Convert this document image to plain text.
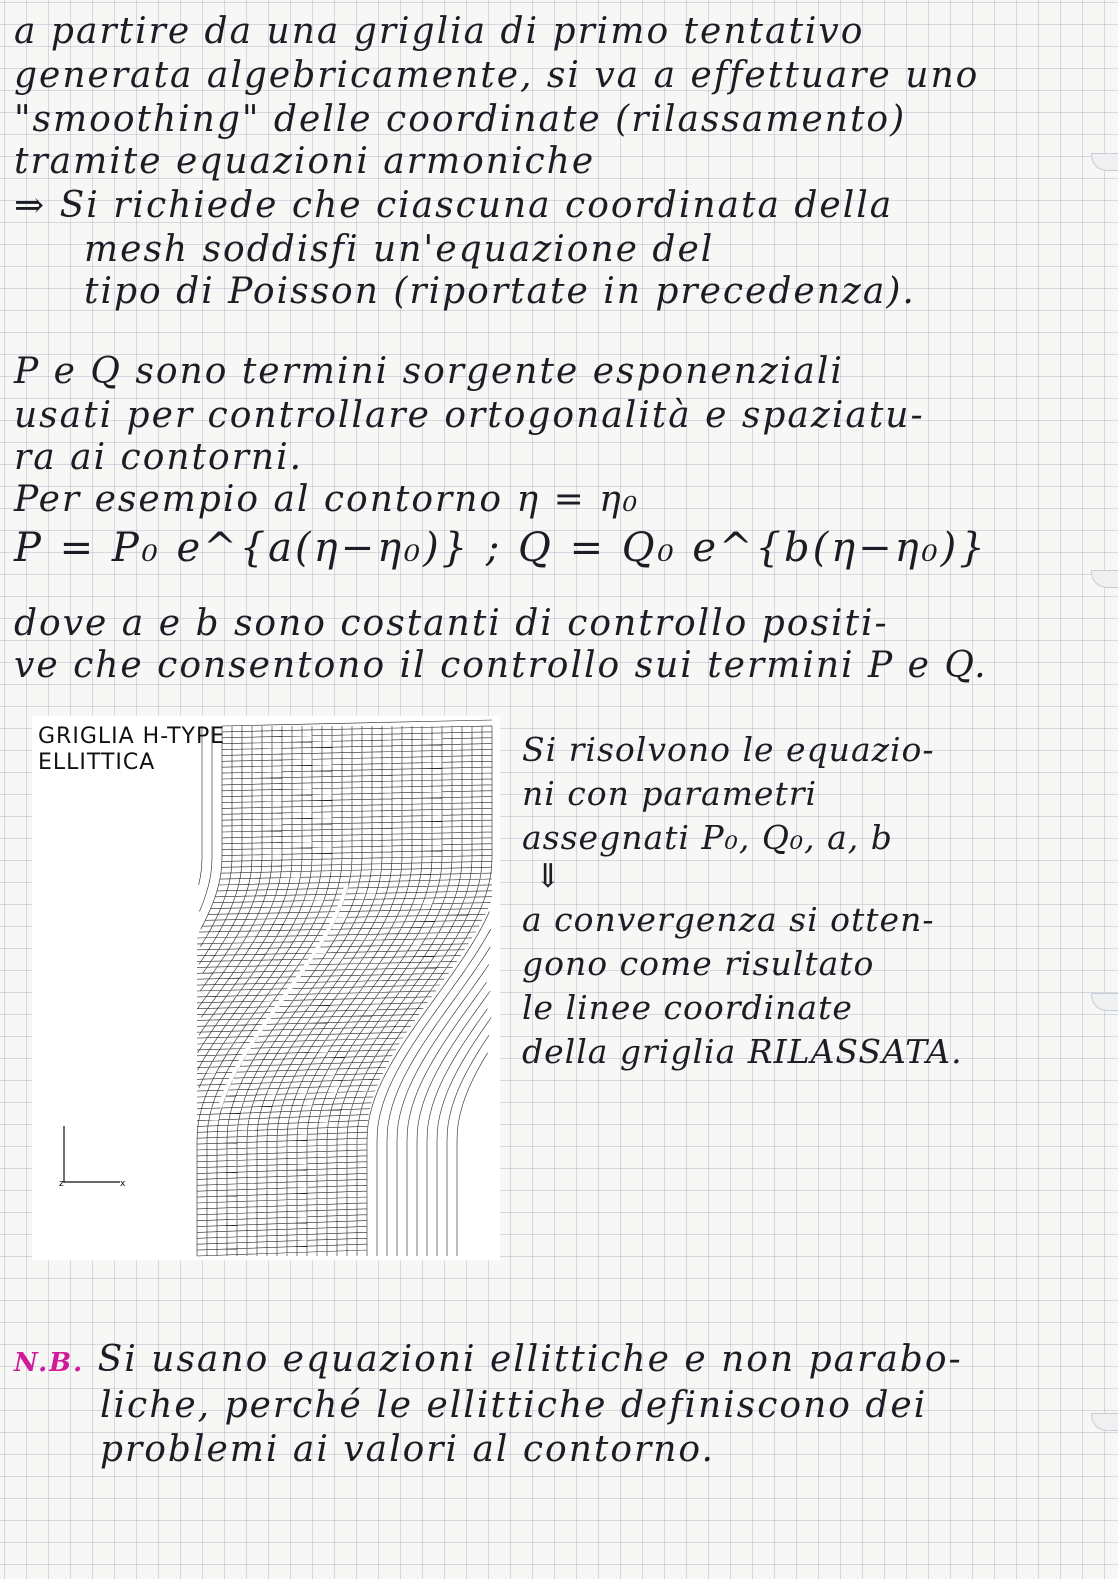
a partire da una griglia di primo tentativo
generata algebricamente, si va a effettuare uno
"smoothing" delle coordinate (rilassamento)
tramite equazioni armoniche
⇒ Si richiede che ciascuna coordinata della
mesh soddisfi un'equazione del
tipo di Poisson (riportate in precedenza).
P e Q sono termini sorgente esponenziali
usati per controllare ortogonalità e spaziatu-
ra ai contorni.
Per esempio al contorno η = η₀
P = P₀ e^{a(η−η₀)} ; Q = Q₀ e^{b(η−η₀)}
dove a e b sono costanti di controllo positi-
ve che consentono il controllo sui termini P e Q.
GRIGLIA H-TYPE
ELLITTICA
x
z
Si risolvono le equazio-
ni con parametri
assegnati P₀, Q₀, a, b
⇓
a convergenza si otten-
gono come risultato
le linee coordinate
della griglia RILASSATA.
N.B. Si usano equazioni ellittiche e non parabo-
liche, perché le ellittiche definiscono dei
problemi ai valori al contorno.
